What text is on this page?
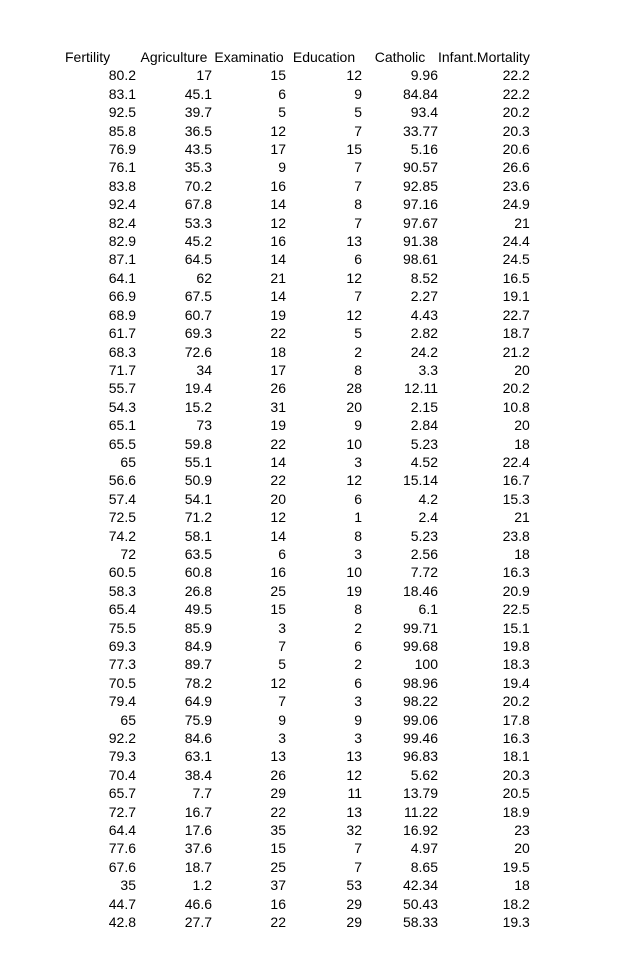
Fertility	Agriculture	Examinatio	Education	Catholic	Infant.Mortality
80.2	17	15	12	9.96	22.2
83.1	45.1	6	9	84.84	22.2
92.5	39.7	5	5	93.4	20.2
85.8	36.5	12	7	33.77	20.3
76.9	43.5	17	15	5.16	20.6
76.1	35.3	9	7	90.57	26.6
83.8	70.2	16	7	92.85	23.6
92.4	67.8	14	8	97.16	24.9
82.4	53.3	12	7	97.67	21
82.9	45.2	16	13	91.38	24.4
87.1	64.5	14	6	98.61	24.5
64.1	62	21	12	8.52	16.5
66.9	67.5	14	7	2.27	19.1
68.9	60.7	19	12	4.43	22.7
61.7	69.3	22	5	2.82	18.7
68.3	72.6	18	2	24.2	21.2
71.7	34	17	8	3.3	20
55.7	19.4	26	28	12.11	20.2
54.3	15.2	31	20	2.15	10.8
65.1	73	19	9	2.84	20
65.5	59.8	22	10	5.23	18
65	55.1	14	3	4.52	22.4
56.6	50.9	22	12	15.14	16.7
57.4	54.1	20	6	4.2	15.3
72.5	71.2	12	1	2.4	21
74.2	58.1	14	8	5.23	23.8
72	63.5	6	3	2.56	18
60.5	60.8	16	10	7.72	16.3
58.3	26.8	25	19	18.46	20.9
65.4	49.5	15	8	6.1	22.5
75.5	85.9	3	2	99.71	15.1
69.3	84.9	7	6	99.68	19.8
77.3	89.7	5	2	100	18.3
70.5	78.2	12	6	98.96	19.4
79.4	64.9	7	3	98.22	20.2
65	75.9	9	9	99.06	17.8
92.2	84.6	3	3	99.46	16.3
79.3	63.1	13	13	96.83	18.1
70.4	38.4	26	12	5.62	20.3
65.7	7.7	29	11	13.79	20.5
72.7	16.7	22	13	11.22	18.9
64.4	17.6	35	32	16.92	23
77.6	37.6	15	7	4.97	20
67.6	18.7	25	7	8.65	19.5
35	1.2	37	53	42.34	18
44.7	46.6	16	29	50.43	18.2
42.8	27.7	22	29	58.33	19.3
